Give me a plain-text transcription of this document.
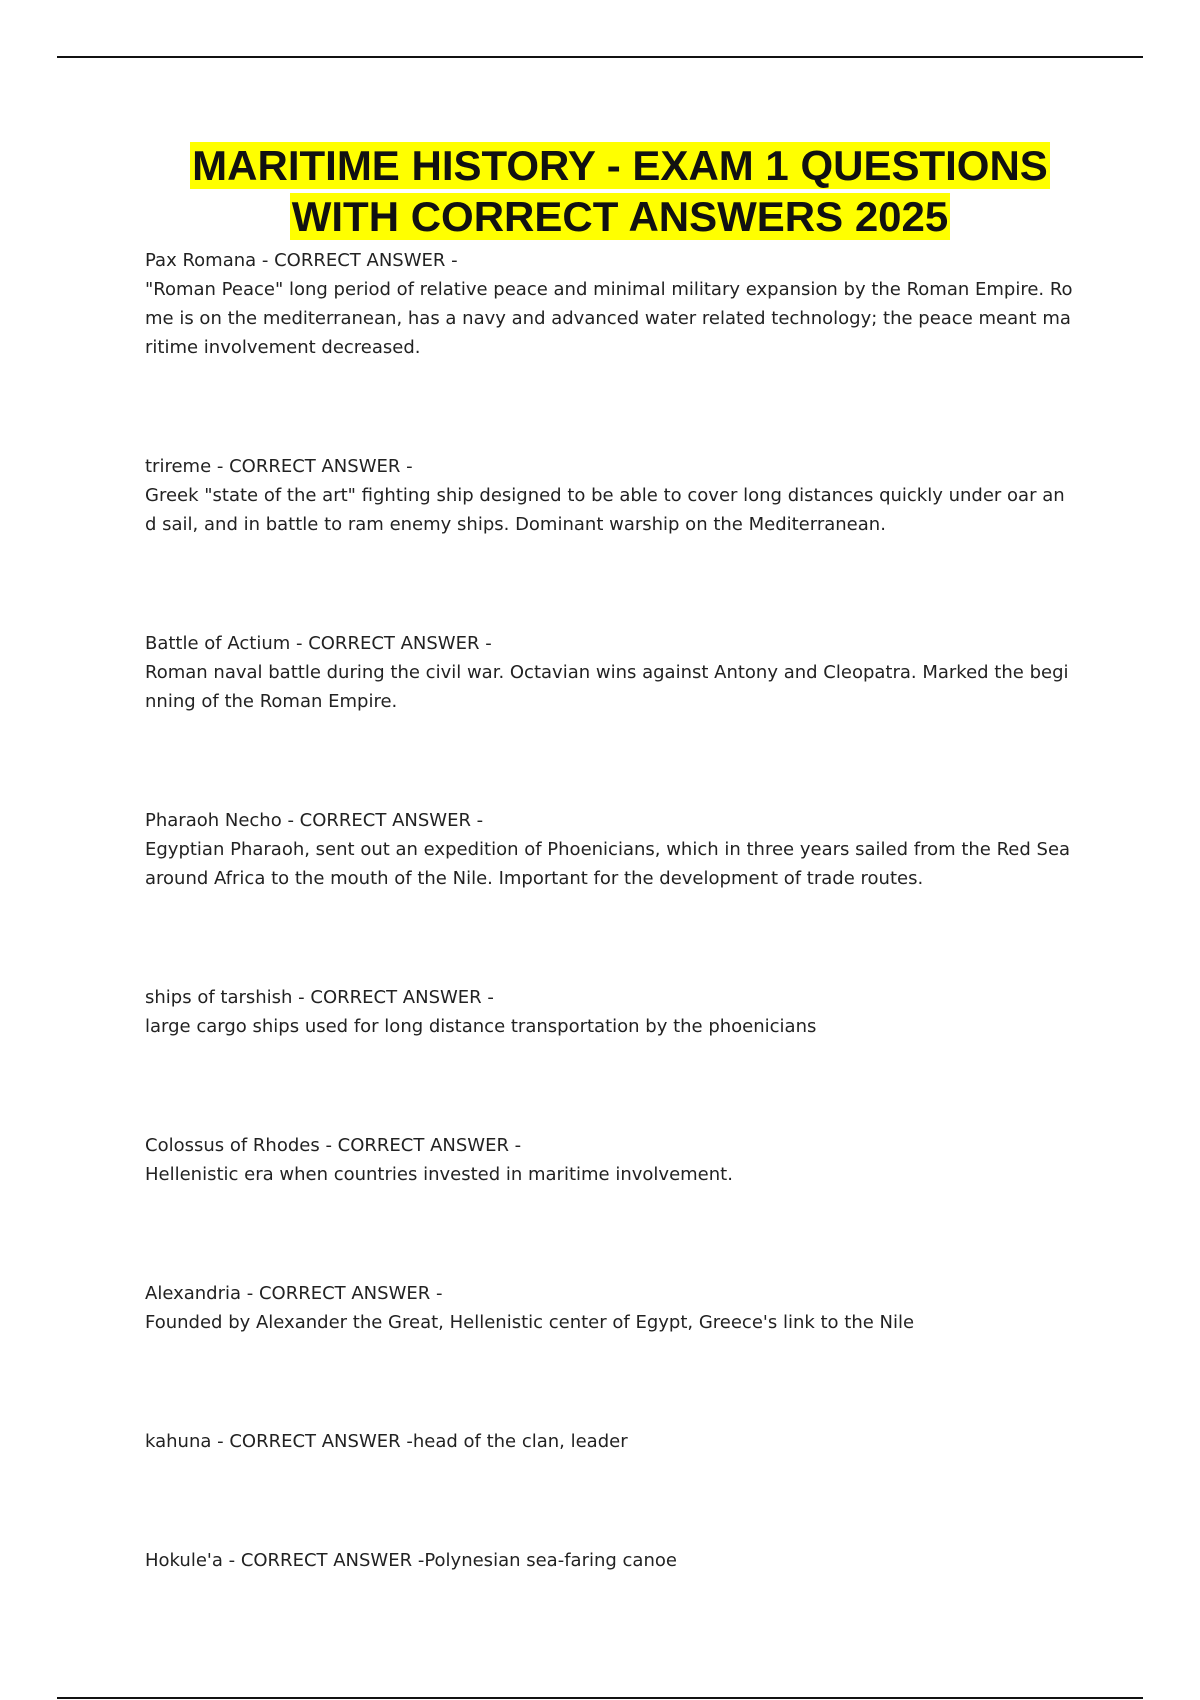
MARITIME HISTORY - EXAM 1 QUESTIONS
WITH CORRECT ANSWERS 2025

Pax Romana - CORRECT ANSWER -

"Roman Peace" long period of relative peace and minimal military expansion by the Roman Empire. Ro

me is on the mediterranean, has a navy and advanced water related technology; the peace meant ma

ritime involvement decreased.

trireme - CORRECT ANSWER -

Greek "state of the art" fighting ship designed to be able to cover long distances quickly under oar an

d sail, and in battle to ram enemy ships. Dominant warship on the Mediterranean.

Battle of Actium - CORRECT ANSWER -

Roman naval battle during the civil war. Octavian wins against Antony and Cleopatra. Marked the begi

nning of the Roman Empire.

Pharaoh Necho - CORRECT ANSWER -

Egyptian Pharaoh, sent out an expedition of Phoenicians, which in three years sailed from the Red Sea

around Africa to the mouth of the Nile. Important for the development of trade routes.

ships of tarshish - CORRECT ANSWER -

large cargo ships used for long distance transportation by the phoenicians

Colossus of Rhodes - CORRECT ANSWER -

Hellenistic era when countries invested in maritime involvement.

Alexandria - CORRECT ANSWER -

Founded by Alexander the Great, Hellenistic center of Egypt, Greece's link to the Nile

kahuna - CORRECT ANSWER -head of the clan, leader

Hokule'a - CORRECT ANSWER -Polynesian sea-faring canoe
